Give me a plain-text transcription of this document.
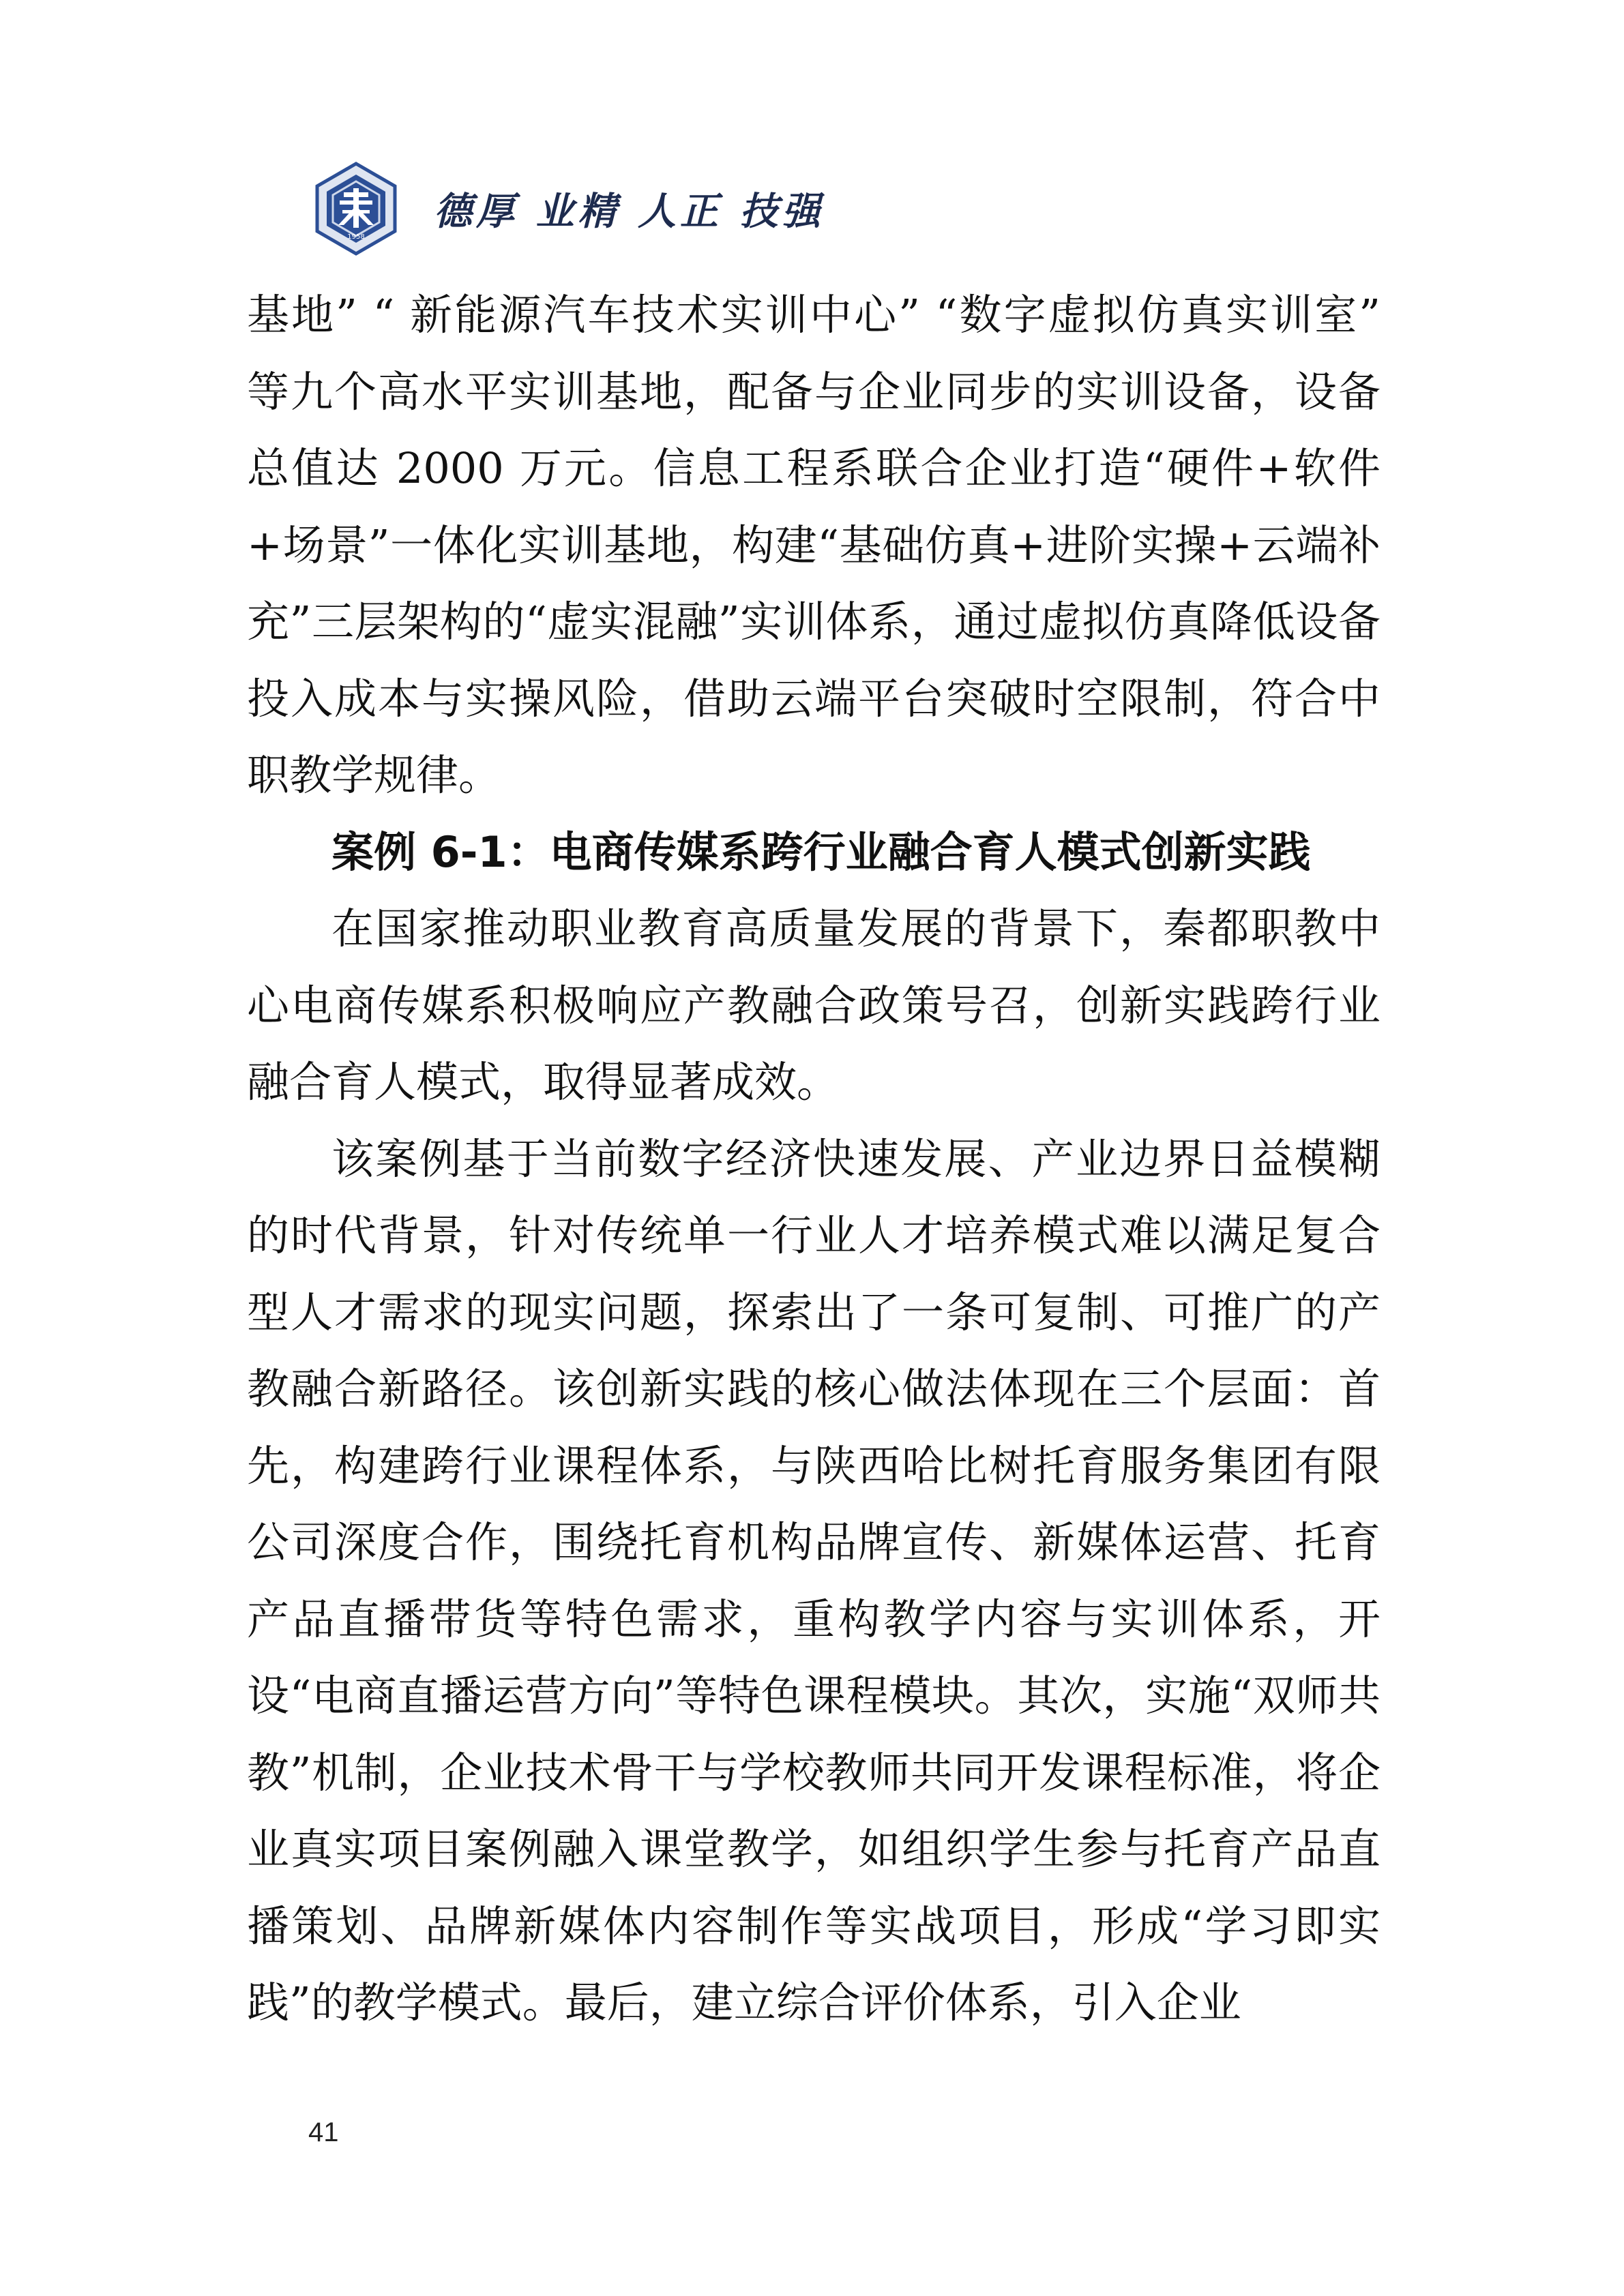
1958
德厚 业精 人正 技强

基地” “ 新能源汽车技术实训中心” “数字虚拟仿真实训室” 等九个高水平实训基地，配备与企业同步的实训设备，设备总值达 2000 万元。信息工程系联合企业打造“硬件+软件+场景”一体化实训基地，构建“基础仿真+进阶实操+云端补充”三层架构的“虚实混融”实训体系，通过虚拟仿真降低设备投入成本与实操风险，借助云端平台突破时空限制，符合中职教学规律。

案例 6-1：电商传媒系跨行业融合育人模式创新实践

在国家推动职业教育高质量发展的背景下，秦都职教中心电商传媒系积极响应产教融合政策号召，创新实践跨行业融合育人模式，取得显著成效。

该案例基于当前数字经济快速发展、产业边界日益模糊的时代背景，针对传统单一行业人才培养模式难以满足复合型人才需求的现实问题，探索出了一条可复制、可推广的产教融合新路径。该创新实践的核心做法体现在三个层面：首先，构建跨行业课程体系，与陕西哈比树托育服务集团有限公司深度合作，围绕托育机构品牌宣传、新媒体运营、托育产品直播带货等特色需求，重构教学内容与实训体系，开设“电商直播运营方向”等特色课程模块。其次，实施“双师共教”机制，企业技术骨干与学校教师共同开发课程标准，将企业真实项目案例融入课堂教学，如组织学生参与托育产品直播策划、品牌新媒体内容制作等实战项目，形成“学习即实践”的教学模式。最后，建立综合评价体系，引入企业

41
